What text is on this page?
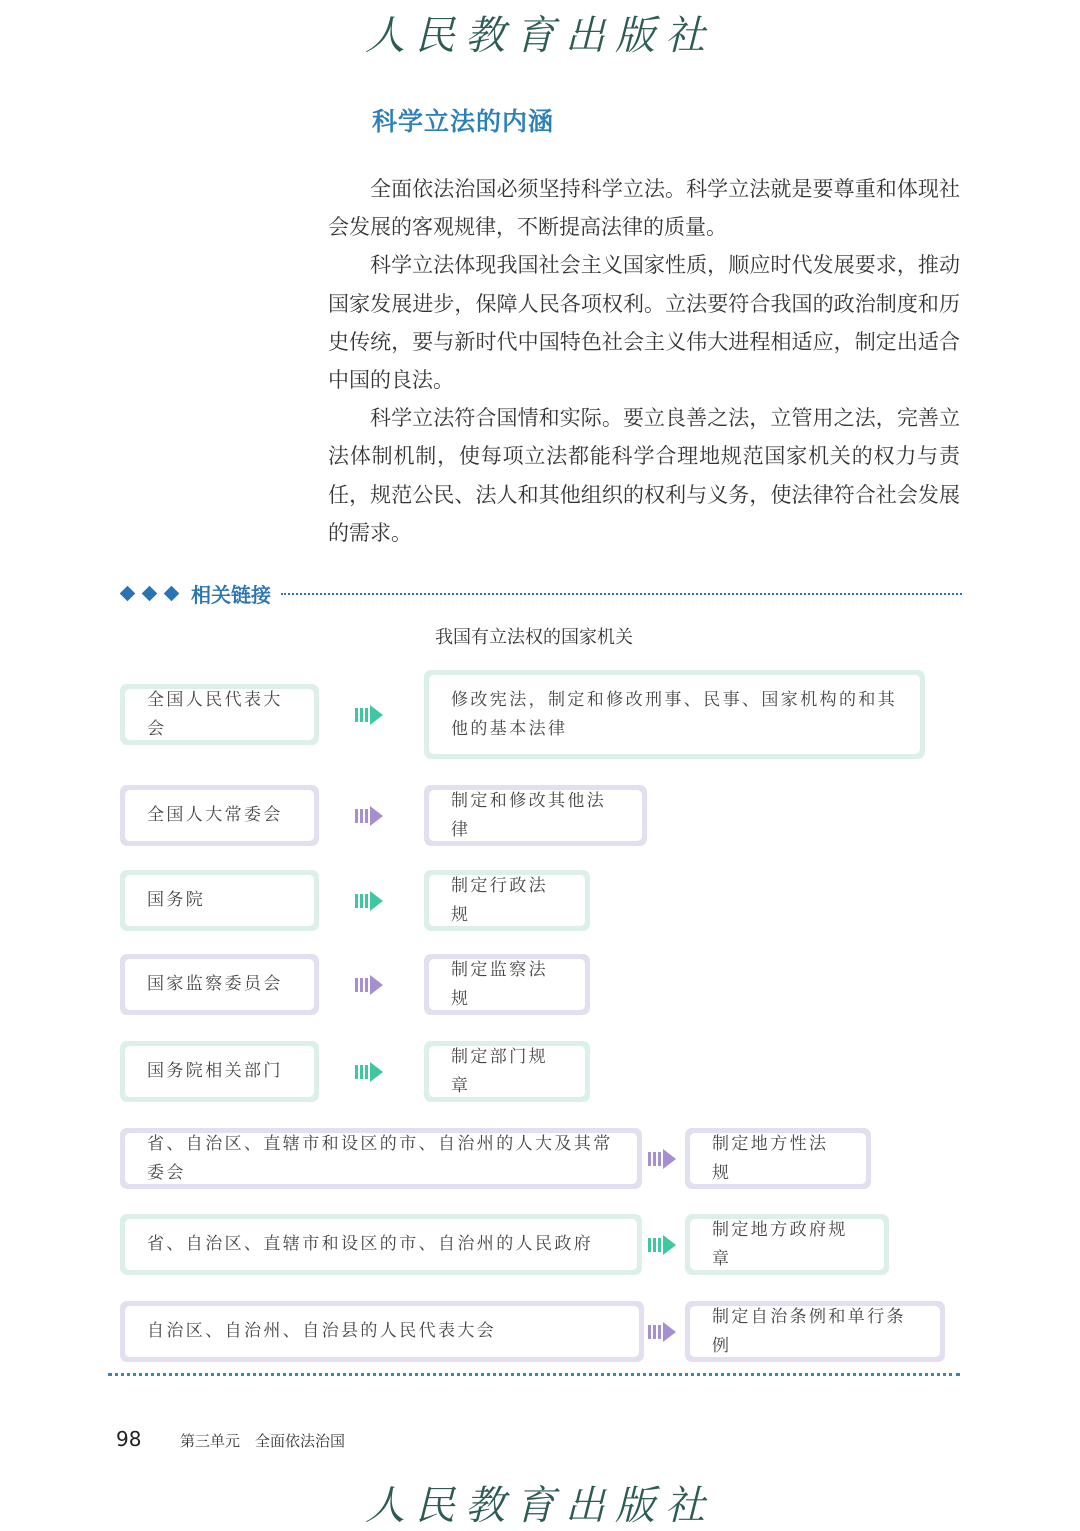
人民教育出版社
科学立法的内涵

全面依法治国必须坚持科学立法。科学立法就是要尊重和体现社会发展的客观规律，不断提高法律的质量。

科学立法体现我国社会主义国家性质，顺应时代发展要求，推动国家发展进步，保障人民各项权利。立法要符合我国的政治制度和历史传统，要与新时代中国特色社会主义伟大进程相适应，制定出适合中国的良法。

科学立法符合国情和实际。要立良善之法，立管用之法，完善立法体制机制，使每项立法都能科学合理地规范国家机关的权力与责任，规范公民、法人和其他组织的权利与义务，使法律符合社会发展的需求。

相关链接
我国有立法权的国家机关
全国人民代表大会
修改宪法，制定和修改刑事、民事、国家机构的和其他的基本法律
全国人大常委会
制定和修改其他法律
国务院
制定行政法规
国家监察委员会
制定监察法规
国务院相关部门
制定部门规章
省、自治区、直辖市和设区的市、自治州的人大及其常委会
制定地方性法规
省、自治区、直辖市和设区的市、自治州的人民政府
制定地方政府规章
自治区、自治州、自治县的人民代表大会
制定自治条例和单行条例
98	第三单元　全面依法治国
人民教育出版社
